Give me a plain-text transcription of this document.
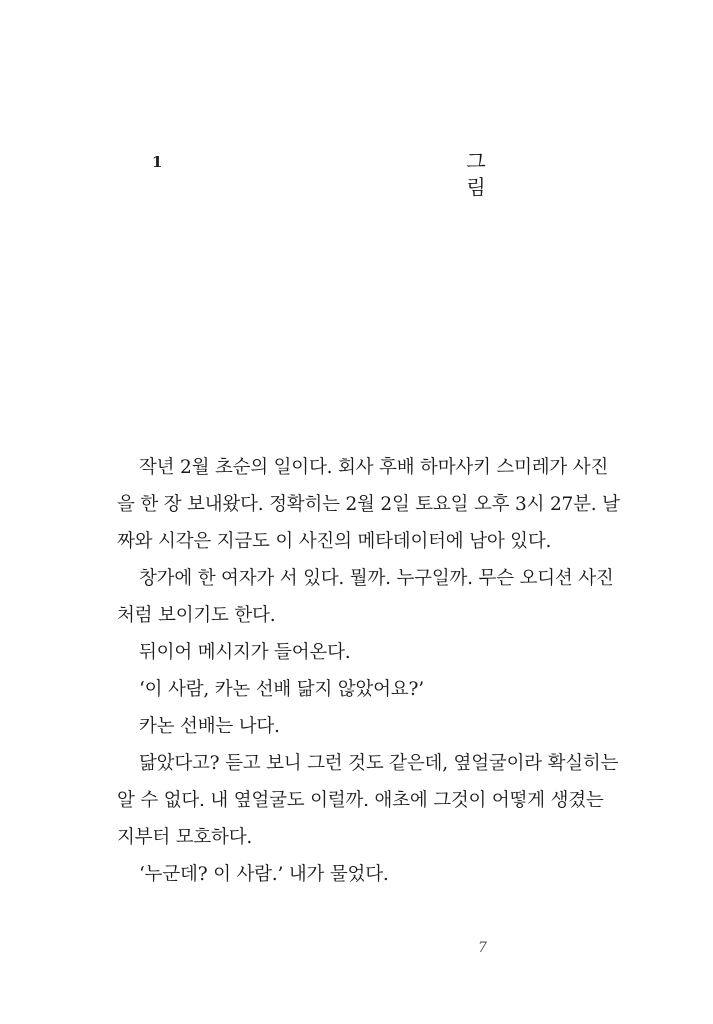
1	그
림
작년 2월 초순의 일이다. 회사 후배 하마사키 스미레가 사진
을 한 장 보내왔다. 정확히는 2월 2일 토요일 오후 3시 27분. 날
짜와 시각은 지금도 이 사진의 메타데이터에 남아 있다.
창가에 한 여자가 서 있다. 뭘까. 누구일까. 무슨 오디션 사진
처럼 보이기도 한다.
뒤이어 메시지가 들어온다.
‘이 사람, 카논 선배 닮지 않았어요?’
카논 선배는 나다.
닮았다고? 듣고 보니 그런 것도 같은데, 옆얼굴이라 확실히는
알 수 없다. 내 옆얼굴도 이럴까. 애초에 그것이 어떻게 생겼는
지부터 모호하다.
‘누군데? 이 사람.’ 내가 물었다.
7
